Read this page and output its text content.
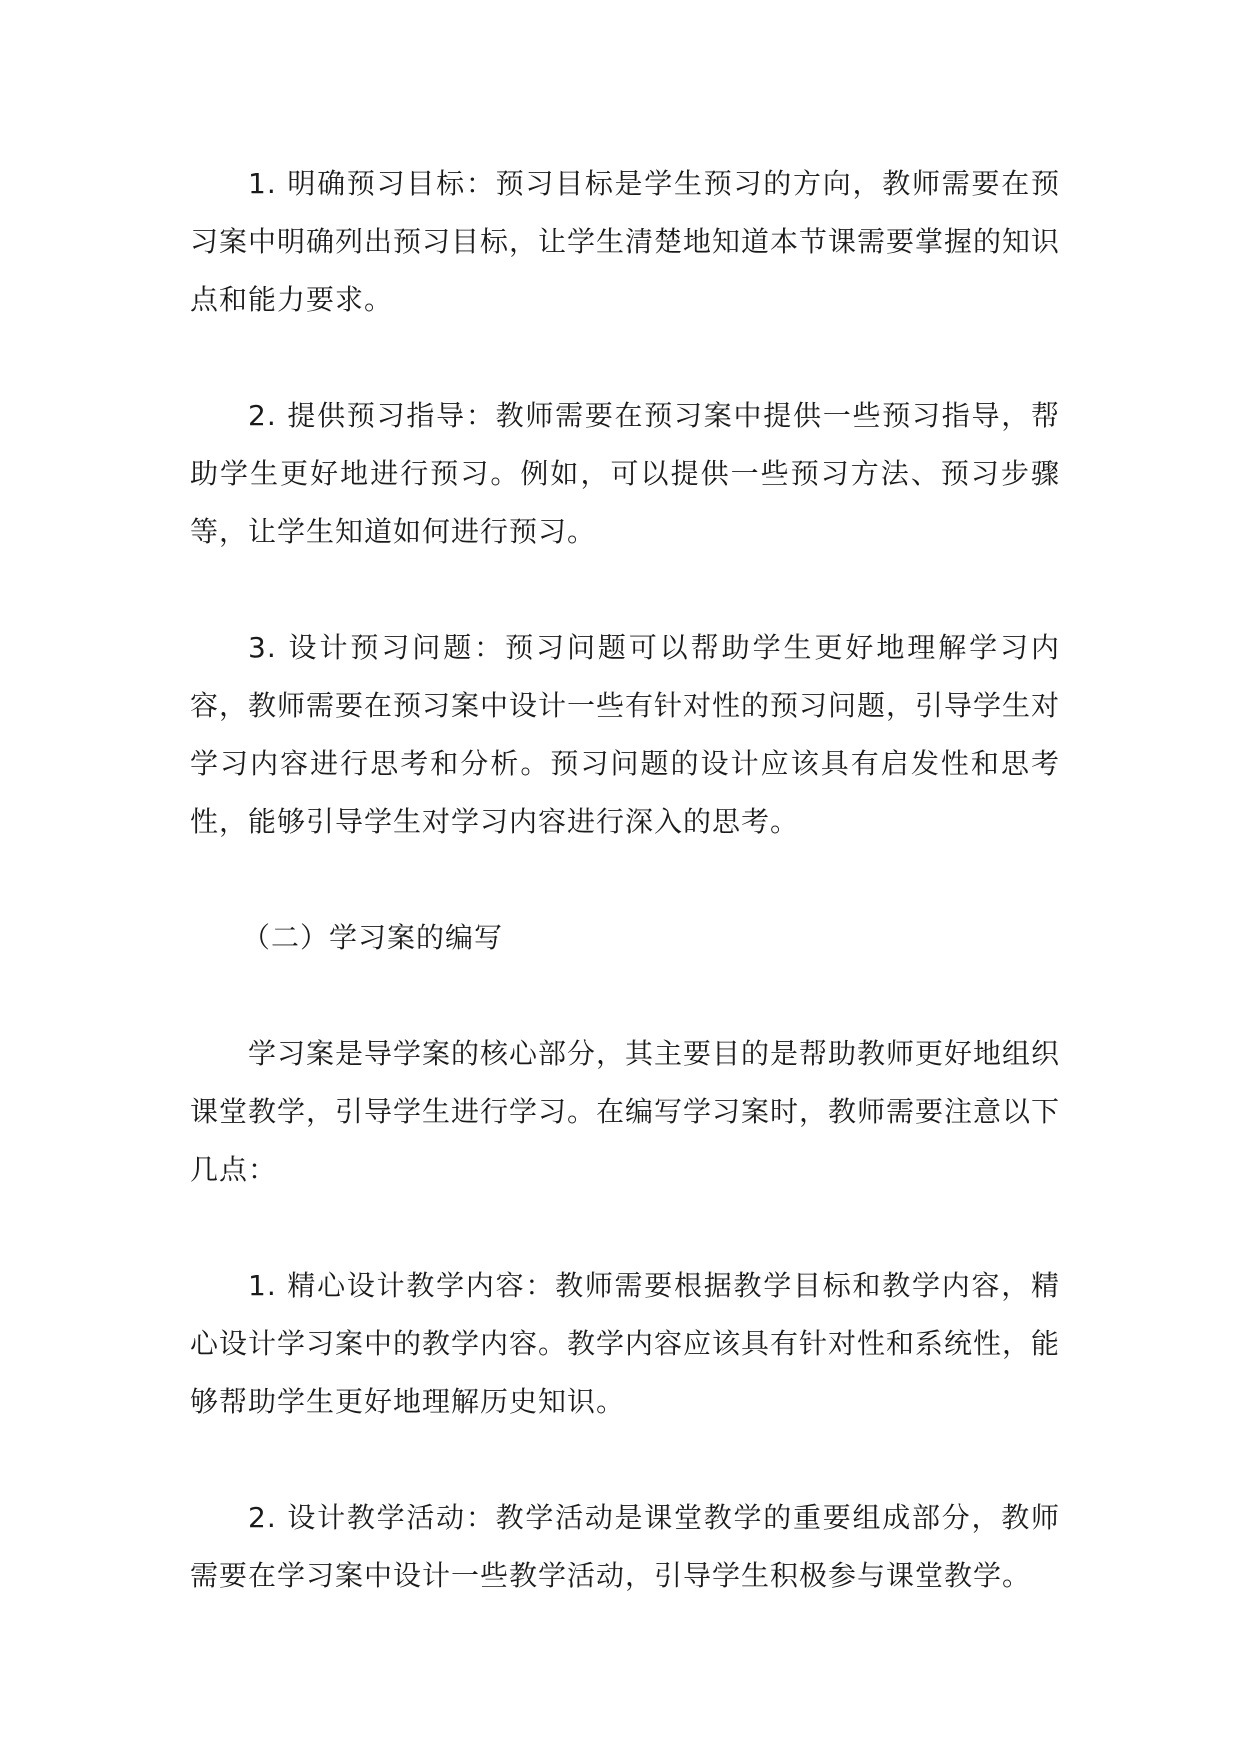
1. 明确预习目标：预习目标是学生预习的方向，教师需要在预习案中明确列出预习目标，让学生清楚地知道本节课需要掌握的知识点和能力要求。

2. 提供预习指导：教师需要在预习案中提供一些预习指导，帮助学生更好地进行预习。例如，可以提供一些预习方法、预习步骤等，让学生知道如何进行预习。

3. 设计预习问题：预习问题可以帮助学生更好地理解学习内容，教师需要在预习案中设计一些有针对性的预习问题，引导学生对学习内容进行思考和分析。预习问题的设计应该具有启发性和思考性，能够引导学生对学习内容进行深入的思考。

（二）学习案的编写

学习案是导学案的核心部分，其主要目的是帮助教师更好地组织课堂教学，引导学生进行学习。在编写学习案时，教师需要注意以下几点：

1. 精心设计教学内容：教师需要根据教学目标和教学内容，精心设计学习案中的教学内容。教学内容应该具有针对性和系统性，能够帮助学生更好地理解历史知识。

2. 设计教学活动：教学活动是课堂教学的重要组成部分，教师需要在学习案中设计一些教学活动，引导学生积极参与课堂教学。
